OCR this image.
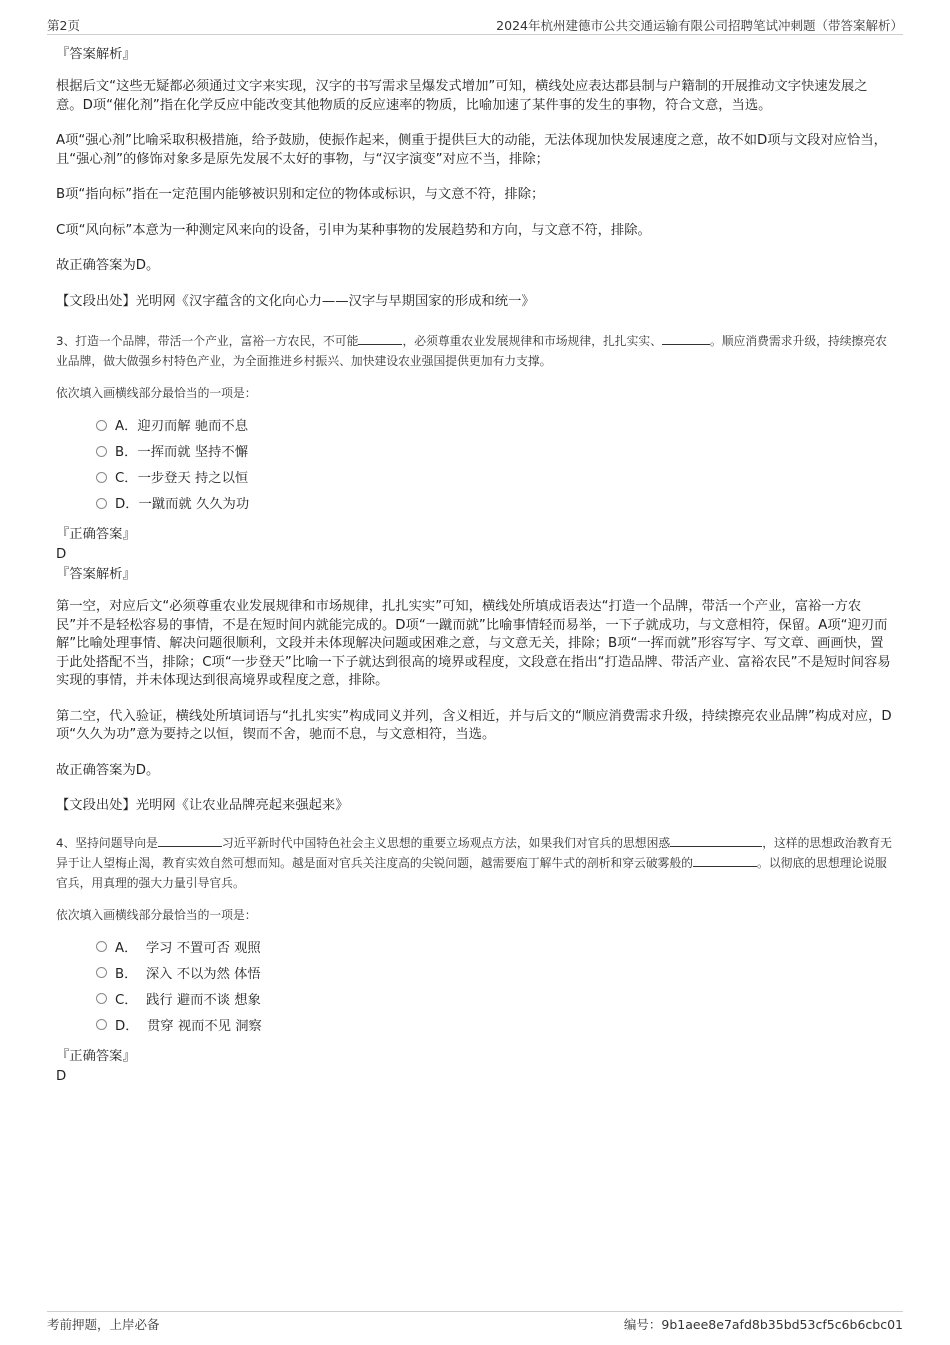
第2页	2024年杭州建德市公共交通运输有限公司招聘笔试冲刺题（带答案解析）

『答案解析』

根据后文“这些无疑都必须通过文字来实现，汉字的书写需求呈爆发式增加”可知，横线处应表达郡县制与户籍制的开展推动文字快速发展之意。D项“催化剂”指在化学反应中能改变其他物质的反应速率的物质，比喻加速了某件事的发生的事物，符合文意，当选。

A项“强心剂”比喻采取积极措施，给予鼓励，使振作起来，侧重于提供巨大的动能，无法体现加快发展速度之意，故不如D项与文段对应恰当，且“强心剂”的修饰对象多是原先发展不太好的事物，与“汉字演变”对应不当，排除；

B项“指向标”指在一定范围内能够被识别和定位的物体或标识，与文意不符，排除；

C项“风向标”本意为一种测定风来向的设备，引申为某种事物的发展趋势和方向，与文意不符，排除。

故正确答案为D。

【文段出处】光明网《汉字蕴含的文化向心力——汉字与早期国家的形成和统一》

3、打造一个品牌，带活一个产业，富裕一方农民，不可能	，必须尊重农业发展规律和市场规律，扎扎实实、	。顺应消费需求升级，持续擦亮农业品牌，做大做强乡村特色产业，为全面推进乡村振兴、加快建设农业强国提供更加有力支撑。

依次填入画横线部分最恰当的一项是：

A．迎刃而解 驰而不息
B．一挥而就 坚持不懈
C．一步登天 持之以恒
D．一蹴而就 久久为功

『正确答案』

D

『答案解析』

第一空，对应后文“必须尊重农业发展规律和市场规律，扎扎实实”可知，横线处所填成语表达“打造一个品牌，带活一个产业，富裕一方农民”并不是轻松容易的事情，不是在短时间内就能完成的。D项“一蹴而就”比喻事情轻而易举，一下子就成功，与文意相符，保留。A项“迎刃而解”比喻处理事情、解决问题很顺利，文段并未体现解决问题或困难之意，与文意无关，排除；B项“一挥而就”形容写字、写文章、画画快，置于此处搭配不当，排除；C项“一步登天”比喻一下子就达到很高的境界或程度，文段意在指出“打造品牌、带活产业、富裕农民”不是短时间容易实现的事情，并未体现达到很高境界或程度之意，排除。

第二空，代入验证，横线处所填词语与“扎扎实实”构成同义并列，含义相近，并与后文的“顺应消费需求升级，持续擦亮农业品牌”构成对应，D项“久久为功”意为要持之以恒，锲而不舍，驰而不息，与文意相符，当选。

故正确答案为D。

【文段出处】光明网《让农业品牌亮起来强起来》

4、坚持问题导向是	习近平新时代中国特色社会主义思想的重要立场观点方法，如果我们对官兵的思想困惑	，这样的思想政治教育无异于让人望梅止渴，教育实效自然可想而知。越是面对官兵关注度高的尖锐问题，越需要庖丁解牛式的剖析和穿云破雾般的	。以彻底的思想理论说服官兵，用真理的强大力量引导官兵。

依次填入画横线部分最恰当的一项是：

A． 学习 不置可否 观照
B． 深入 不以为然 体悟
C． 践行 避而不谈 想象
D． 贯穿 视而不见 洞察

『正确答案』

D

考前押题，上岸必备	编号：9b1aee8e7afd8b35bd53cf5c6b6cbc01
